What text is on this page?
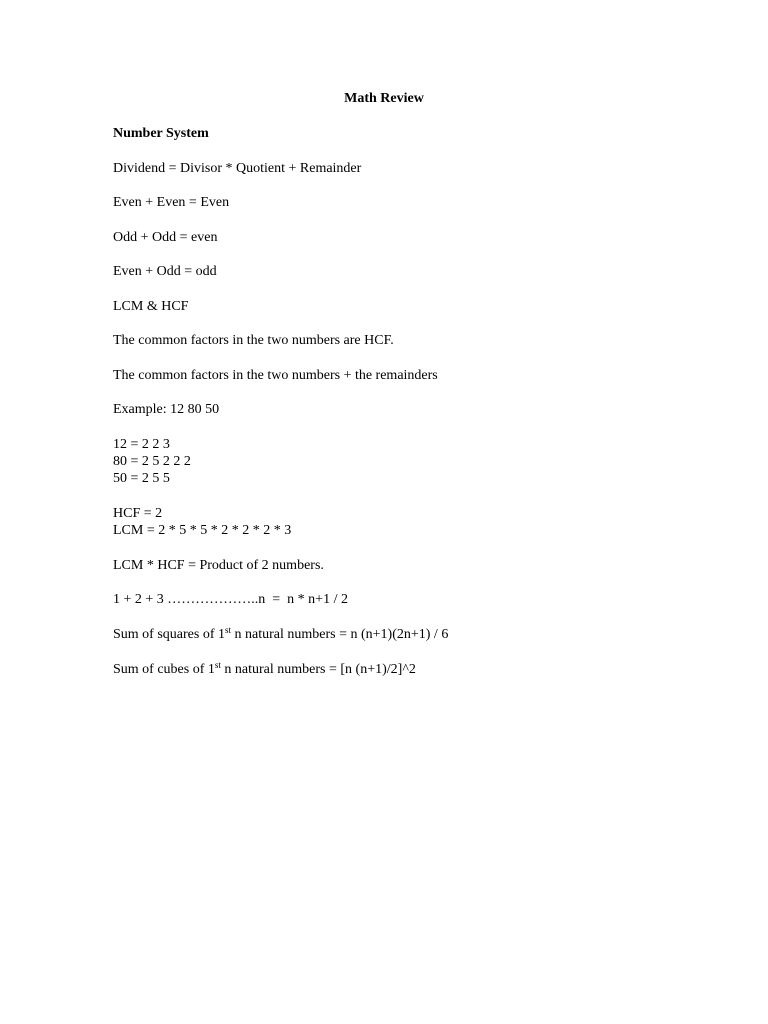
Math Review
Number System
Dividend = Divisor * Quotient + Remainder
Even + Even = Even
Odd + Odd = even
Even + Odd = odd
LCM & HCF
The common factors in the two numbers are HCF.
The common factors in the two numbers + the remainders
Example: 12 80 50
12 = 2 2 3
80 = 2 5 2 2 2
50 = 2 5 5
HCF = 2
LCM = 2 * 5 * 5 * 2 * 2 * 2 * 3
LCM * HCF = Product of 2 numbers.
1 + 2 + 3 ………………..n  =  n * n+1 / 2
Sum of squares of 1st n natural numbers = n (n+1)(2n+1) / 6
Sum of cubes of 1st n natural numbers = [n (n+1)/2]^2
